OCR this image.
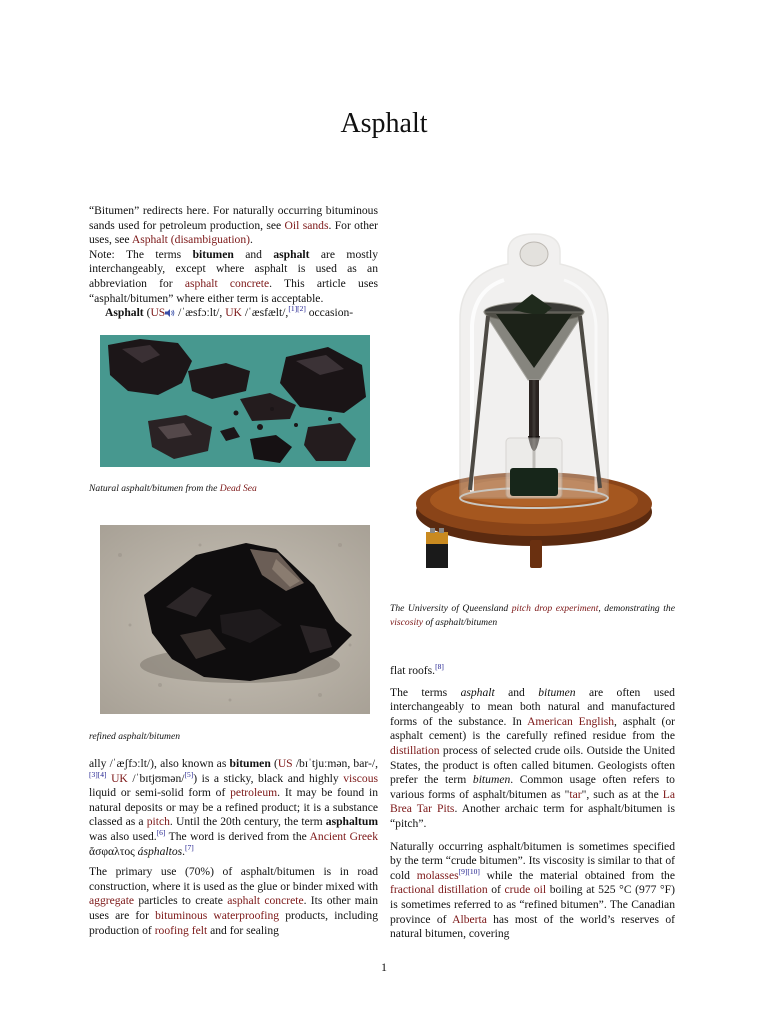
Asphalt

“Bitumen” redirects here. For naturally occurring bituminous sands used for petroleum production, see Oil sands. For other uses, see Asphalt (disambiguation).

Note: The terms bitumen and asphalt are mostly interchangeably, except where asphalt is used as an abbreviation for asphalt concrete. This article uses “asphalt/bitumen” where either term is acceptable.

Asphalt (US /ˈæsfɔːlt/, UK /ˈæsfælt/,[1][2] occasion-

Natural asphalt/bitumen from the Dead Sea
refined asphalt/bitumen
The University of Queensland pitch drop experiment, demonstrating the viscosity of asphalt/bitumen

ally /ˈæʃfɔːlt/), also known as bitumen (US /bɪˈtjuːmən, bar-/,[3][4] UK /ˈbɪtjʊmən/[5]) is a sticky, black and highly viscous liquid or semi-solid form of petroleum. It may be found in natural deposits or may be a refined product; it is a substance classed as a pitch. Until the 20th century, the term asphaltum was also used.[6] The word is derived from the Ancient Greek ἄσφαλτος ásphaltos.[7]

The primary use (70%) of asphalt/bitumen is in road construction, where it is used as the glue or binder mixed with aggregate particles to create asphalt concrete. Its other main uses are for bituminous waterproofing products, including production of roofing felt and for sealing

flat roofs.[8]

The terms asphalt and bitumen are often used interchangeably to mean both natural and manufactured forms of the substance. In American English, asphalt (or asphalt cement) is the carefully refined residue from the distillation process of selected crude oils. Outside the United States, the product is often called bitumen. Geologists often prefer the term bitumen. Common usage often refers to various forms of asphalt/bitumen as "tar", such as at the La Brea Tar Pits. Another archaic term for asphalt/bitumen is “pitch”.

Naturally occurring asphalt/bitumen is sometimes specified by the term “crude bitumen”. Its viscosity is similar to that of cold molasses[9][10] while the material obtained from the fractional distillation of crude oil boiling at 525 °C (977 °F) is sometimes referred to as “refined bitumen”. The Canadian province of Alberta has most of the world’s reserves of natural bitumen, covering

1
